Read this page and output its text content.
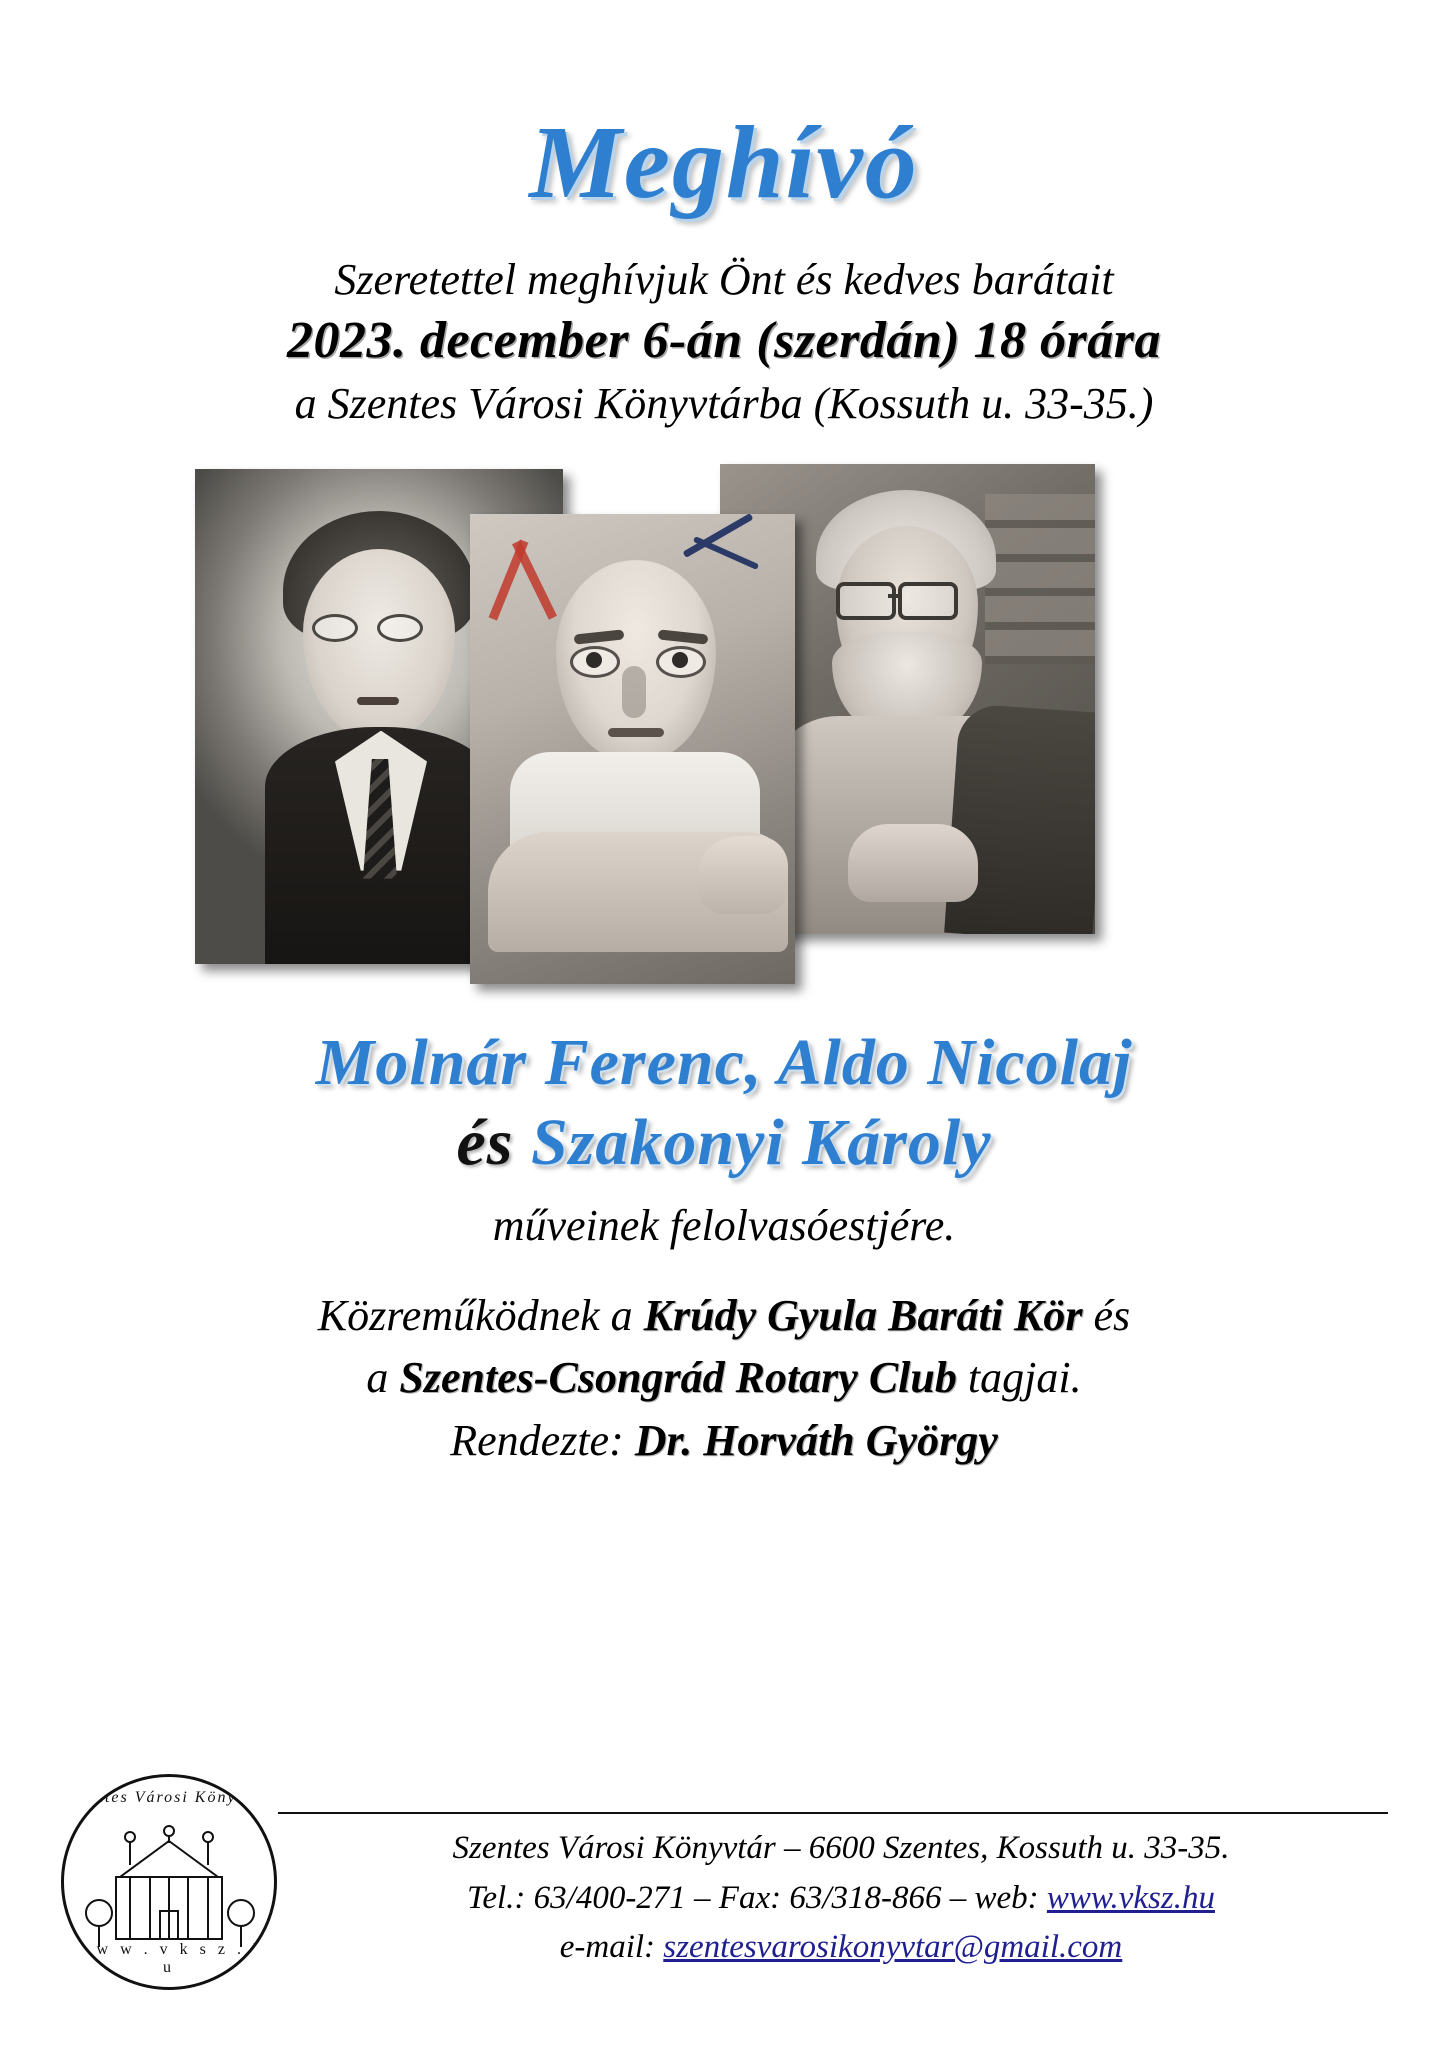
Meghívó
Szeretettel meghívjuk Önt és kedves barátait
2023. december 6-án (szerdán) 18 órára
a Szentes Városi Könyvtárba (Kossuth u. 33-35.)
Molnár Ferenc, Aldo Nicolaj
és Szakonyi Károly
műveinek felolvasóestjére.
Közreműködnek a Krúdy Gyula Baráti Kör és
a Szentes-Csongrád Rotary Club tagjai.
Rendezte: Dr. Horváth György
Szentes Városi Könyvtár
w w w . v k s z . h u
Szentes Városi Könyvtár – 6600 Szentes, Kossuth u. 33-35.
Tel.: 63/400-271 – Fax: 63/318-866 – web: www.vksz.hu
e-mail: szentesvarosikonyvtar@gmail.com
